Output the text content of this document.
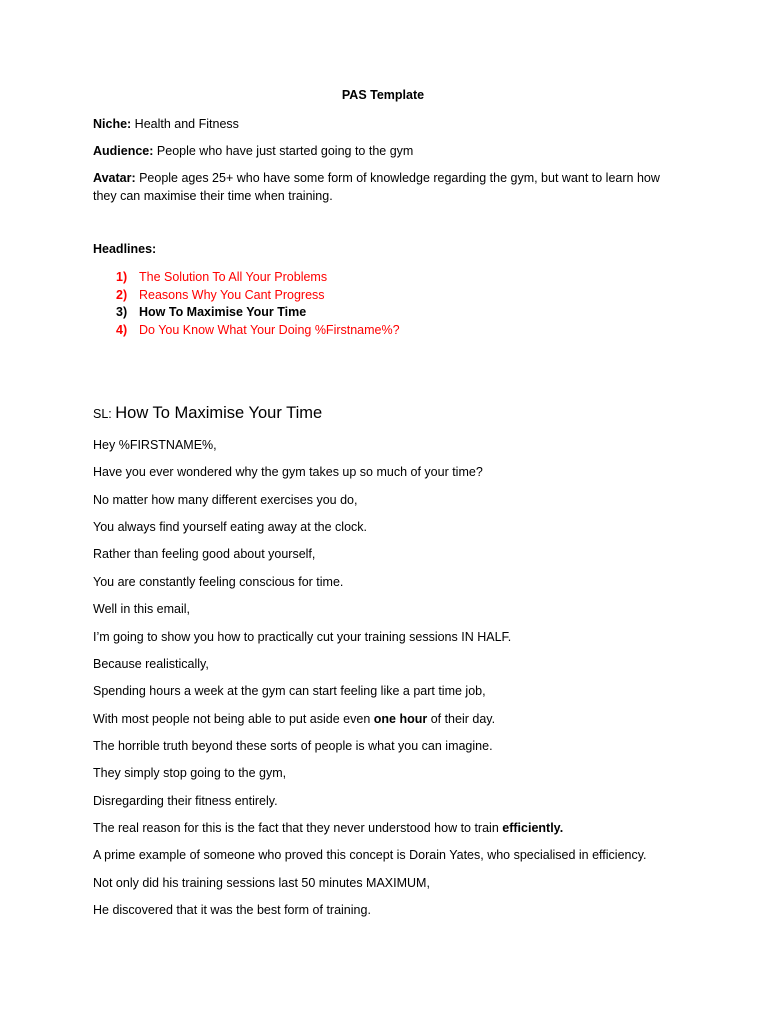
PAS Template
Niche: Health and Fitness
Audience: People who have just started going to the gym
Avatar: People ages 25+ who have some form of knowledge regarding the gym, but want to learn how they can maximise their time when training.
Headlines:
1) The Solution To All Your Problems
2) Reasons Why You Cant Progress
3) How To Maximise Your Time
4) Do You Know What Your Doing %Firstname%?
SL: How To Maximise Your Time
Hey %FIRSTNAME%,
Have you ever wondered why the gym takes up so much of your time?
No matter how many different exercises you do,
You always find yourself eating away at the clock.
Rather than feeling good about yourself,
You are constantly feeling conscious for time.
Well in this email,
I’m going to show you how to practically cut your training sessions IN HALF.
Because realistically,
Spending hours a week at the gym can start feeling like a part time job,
With most people not being able to put aside even one hour of their day.
The horrible truth beyond these sorts of people is what you can imagine.
They simply stop going to the gym,
Disregarding their fitness entirely.
The real reason for this is the fact that they never understood how to train efficiently.
A prime example of someone who proved this concept is Dorain Yates, who specialised in efficiency.
Not only did his training sessions last 50 minutes MAXIMUM,
He discovered that it was the best form of training.
